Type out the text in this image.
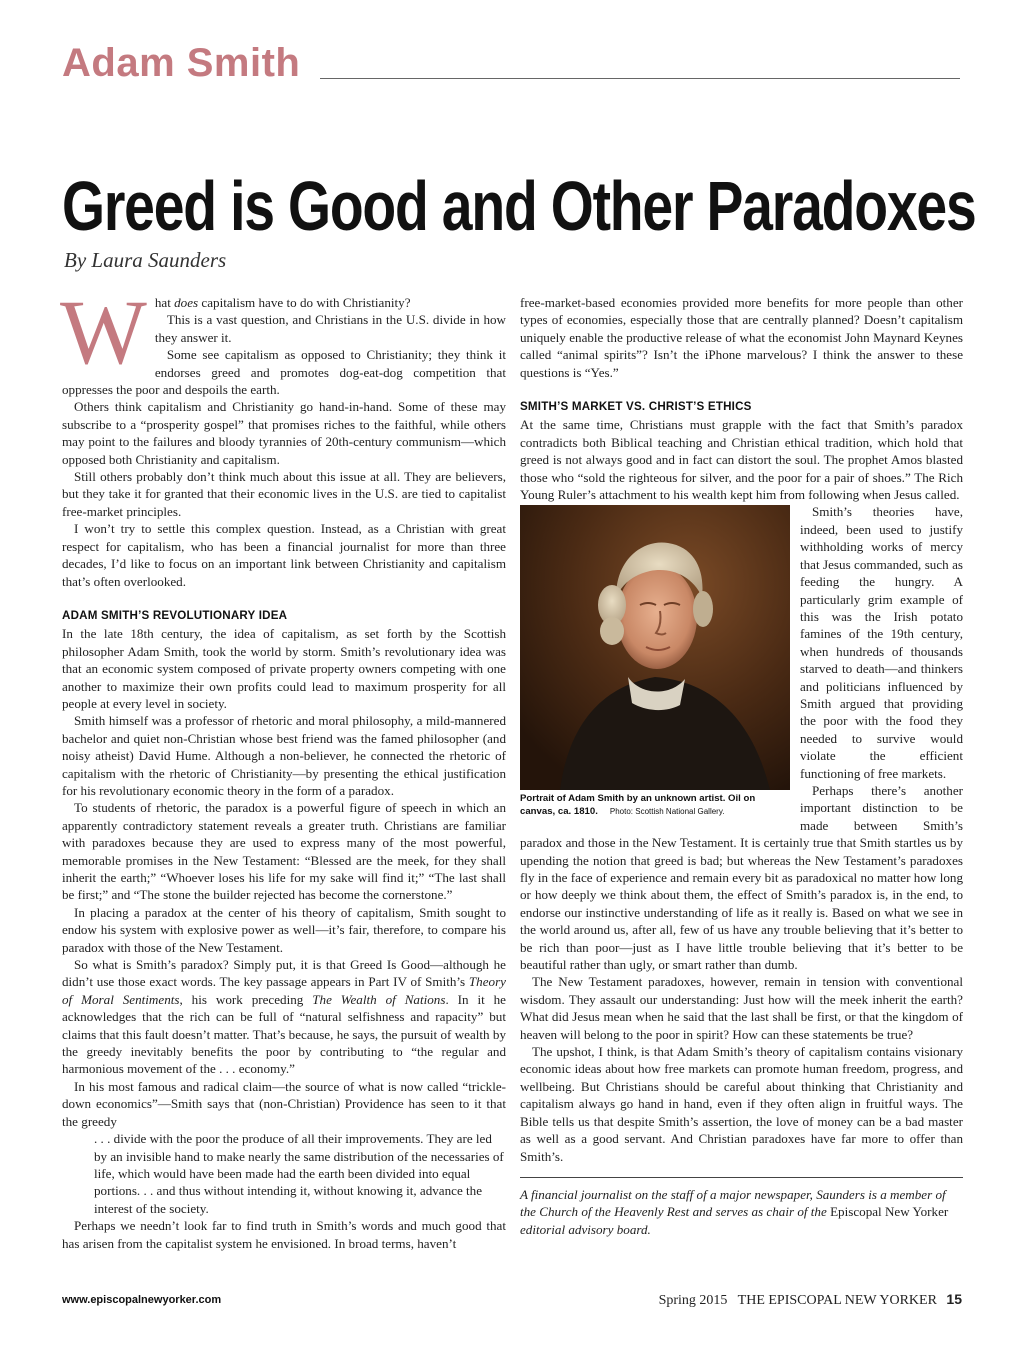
Adam Smith
Greed is Good and Other Paradoxes
By Laura Saunders

What does capitalism have to do with Christianity?

This is a vast question, and Christians in the U.S. divide in how they answer it.

Some see capitalism as opposed to Christianity; they think it endorses greed and promotes dog-eat-dog competition that oppresses the poor and despoils the earth.

Others think capitalism and Christianity go hand-in-hand. Some of these may subscribe to a “prosperity gospel” that promises riches to the faithful, while others may point to the failures and bloody tyrannies of 20th-century communism—which opposed both Christianity and capitalism.

Still others probably don’t think much about this issue at all. They are believers, but they take it for granted that their economic lives in the U.S. are tied to capitalist free-market principles.

I won’t try to settle this complex question. Instead, as a Christian with great respect for capitalism, who has been a financial journalist for more than three decades, I’d like to focus on an important link between Christianity and capitalism that’s often overlooked.

ADAM SMITH’S REVOLUTIONARY IDEA

In the late 18th century, the idea of capitalism, as set forth by the Scottish philosopher Adam Smith, took the world by storm. Smith’s revolutionary idea was that an economic system composed of private property owners competing with one another to maximize their own profits could lead to maximum prosperity for all people at every level in society.

Smith himself was a professor of rhetoric and moral philosophy, a mild-mannered bachelor and quiet non-Christian whose best friend was the famed philosopher (and noisy atheist) David Hume. Although a non-believer, he connected the rhetoric of capitalism with the rhetoric of Christianity—by presenting the ethical justification for his revolutionary economic theory in the form of a paradox.

To students of rhetoric, the paradox is a powerful figure of speech in which an apparently contradictory statement reveals a greater truth. Christians are familiar with paradoxes because they are used to express many of the most powerful, memorable promises in the New Testament: “Blessed are the meek, for they shall inherit the earth;” “Whoever loses his life for my sake will find it;” “The last shall be first;” and “The stone the builder rejected has become the cornerstone.”

In placing a paradox at the center of his theory of capitalism, Smith sought to endow his system with explosive power as well—it’s fair, therefore, to compare his paradox with those of the New Testament.

So what is Smith’s paradox? Simply put, it is that Greed Is Good—although he didn’t use those exact words. The key passage appears in Part IV of Smith’s Theory of Moral Sentiments, his work preceding The Wealth of Nations. In it he acknowledges that the rich can be full of “natural selfishness and rapacity” but claims that this fault doesn’t matter. That’s because, he says, the pursuit of wealth by the greedy inevitably benefits the poor by contributing to “the regular and harmonious movement of the . . . economy.”

In his most famous and radical claim—the source of what is now called “trickle-down economics”—Smith says that (non-Christian) Providence has seen to it that the greedy

. . . divide with the poor the produce of all their improvements. They are led by an invisible hand to make nearly the same distribution of the necessaries of life, which would have been made had the earth been divided into equal portions. . . and thus without intending it, without knowing it, advance the interest of the society.

Perhaps we needn’t look far to find truth in Smith’s words and much good that has arisen from the capitalist system he envisioned. In broad terms, haven’t

free-market-based economies provided more benefits for more people than other types of economies, especially those that are centrally planned? Doesn’t capitalism uniquely enable the productive release of what the economist John Maynard Keynes called “animal spirits”? Isn’t the iPhone marvelous? I think the answer to these questions is “Yes.”

SMITH’S MARKET VS. CHRIST’S ETHICS

At the same time, Christians must grapple with the fact that Smith’s paradox contradicts both Biblical teaching and Christian ethical tradition, which hold that greed is not always good and in fact can distort the soul. The prophet Amos blasted those who “sold the righteous for silver, and the poor for a pair of shoes.” The Rich Young Ruler’s attachment to his wealth kept him from following when Jesus called.

Portrait of Adam Smith by an unknown artist. Oil on canvas, ca. 1810. Photo: Scottish National Gallery.

Smith’s theories have, indeed, been used to justify withholding works of mercy that Jesus commanded, such as feeding the hungry. A particularly grim example of this was the Irish potato famines of the 19th century, when hundreds of thousands starved to death—and thinkers and politicians influenced by Smith argued that providing the poor with the food they needed to survive would violate the efficient functioning of free markets.

Perhaps there’s another important distinction to be made between Smith’s paradox and those in the New Testament. It is certainly true that Smith startles us by upending the notion that greed is bad; but whereas the New Testament’s paradoxes fly in the face of experience and remain every bit as paradoxical no matter how long or how deeply we think about them, the effect of Smith’s paradox is, in the end, to endorse our instinctive understanding of life as it really is. Based on what we see in the world around us, after all, few of us have any trouble believing that it’s better to be rich than poor—just as I have little trouble believing that it’s better to be beautiful rather than ugly, or smart rather than dumb.

The New Testament paradoxes, however, remain in tension with conventional wisdom. They assault our understanding: Just how will the meek inherit the earth? What did Jesus mean when he said that the last shall be first, or that the kingdom of heaven will belong to the poor in spirit? How can these statements be true?

The upshot, I think, is that Adam Smith’s theory of capitalism contains visionary economic ideas about how free markets can promote human freedom, progress, and wellbeing. But Christians should be careful about thinking that Christianity and capitalism always go hand in hand, even if they often align in fruitful ways. The Bible tells us that despite Smith’s assertion, the love of money can be a bad master as well as a good servant. And Christian paradoxes have far more to offer than Smith’s.

A financial journalist on the staff of a major newspaper, Saunders is a member of the Church of the Heavenly Rest and serves as chair of the Episcopal New Yorker editorial advisory board.

www.episcopalnewyorker.com	Spring 2015 THE EPISCOPAL NEW YORKER 15
